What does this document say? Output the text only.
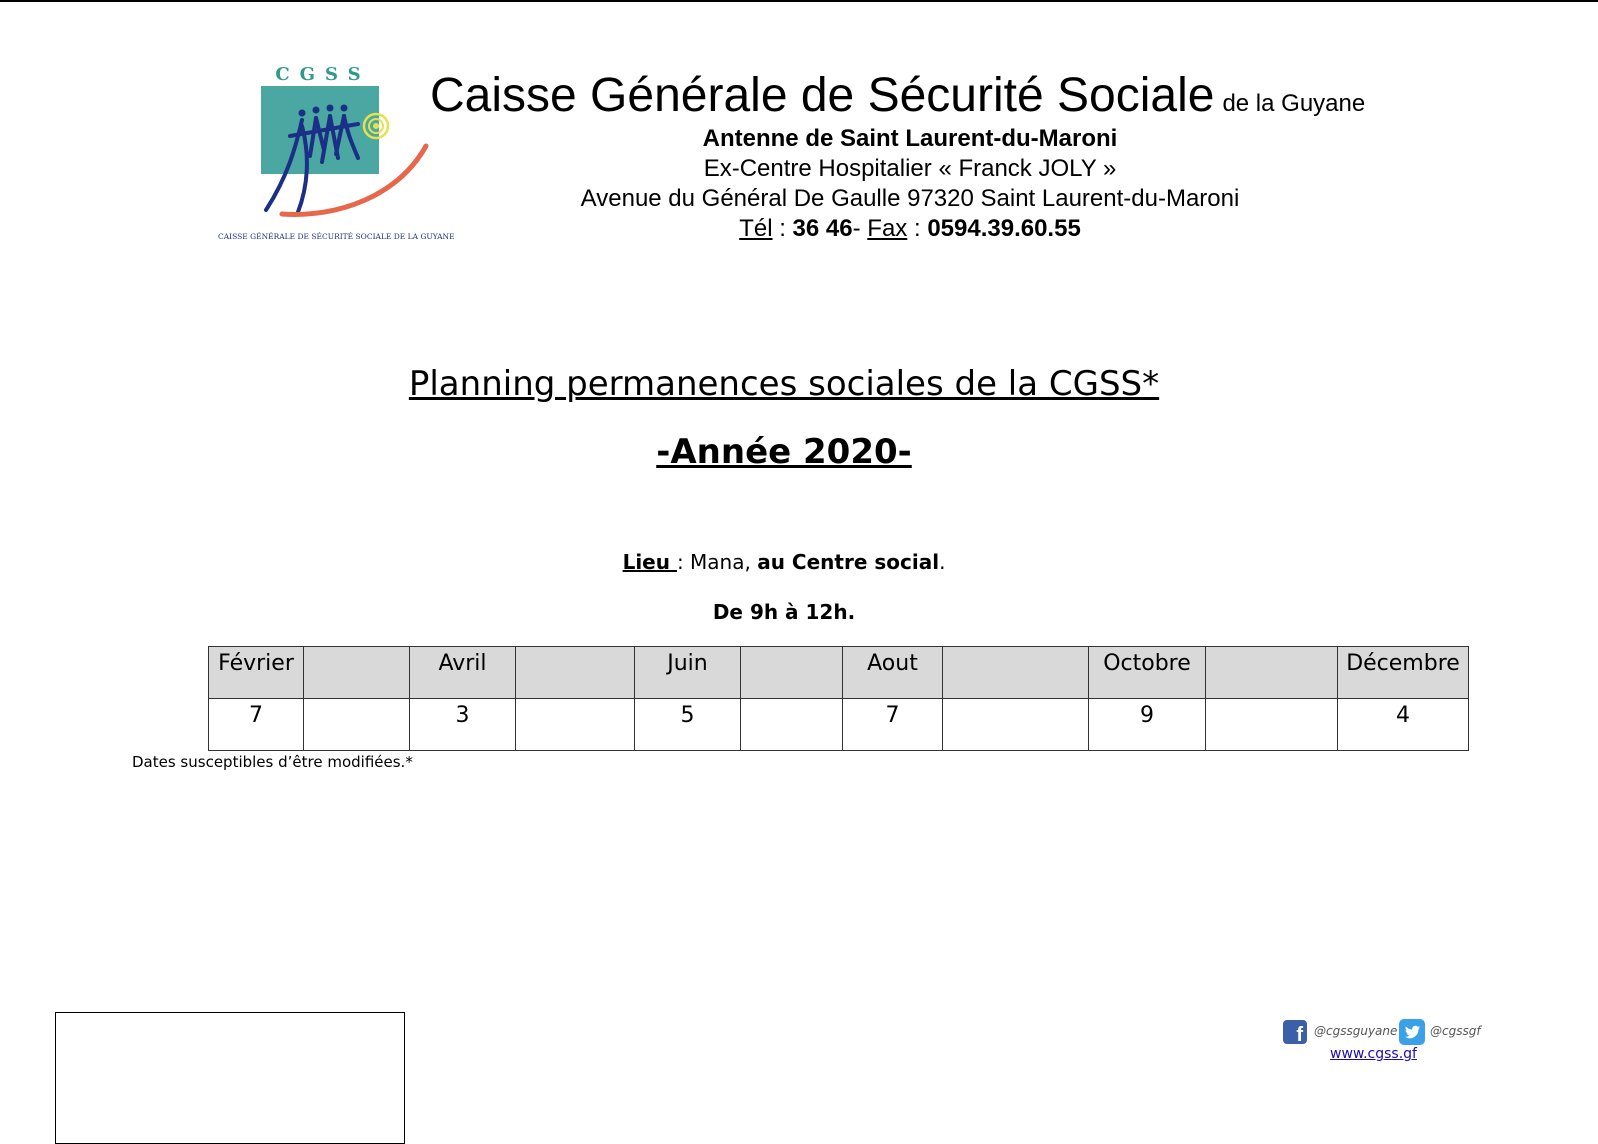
CGSS
CAISSE GÉNÉRALE DE SÉCURITÉ SOCIALE DE LA GUYANE
Caisse Générale de Sécurité Sociale de la Guyane
Antenne de Saint Laurent-du-Maroni
Ex-Centre Hospitalier « Franck JOLY »
Avenue du Général De Gaulle 97320 Saint Laurent-du-Maroni
Tél : 36 46- Fax : 0594.39.60.55
Planning permanences sociales de la CGSS*
-Année 2020-
Lieu : Mana, au Centre social.
De 9h à 12h.
Février		Avril		Juin		Aout		Octobre		Décembre
7		3		5		7		9		4
Dates susceptibles d’être modifiées.*
f @cgssguyane	@cgssgf
www.cgss.gf
